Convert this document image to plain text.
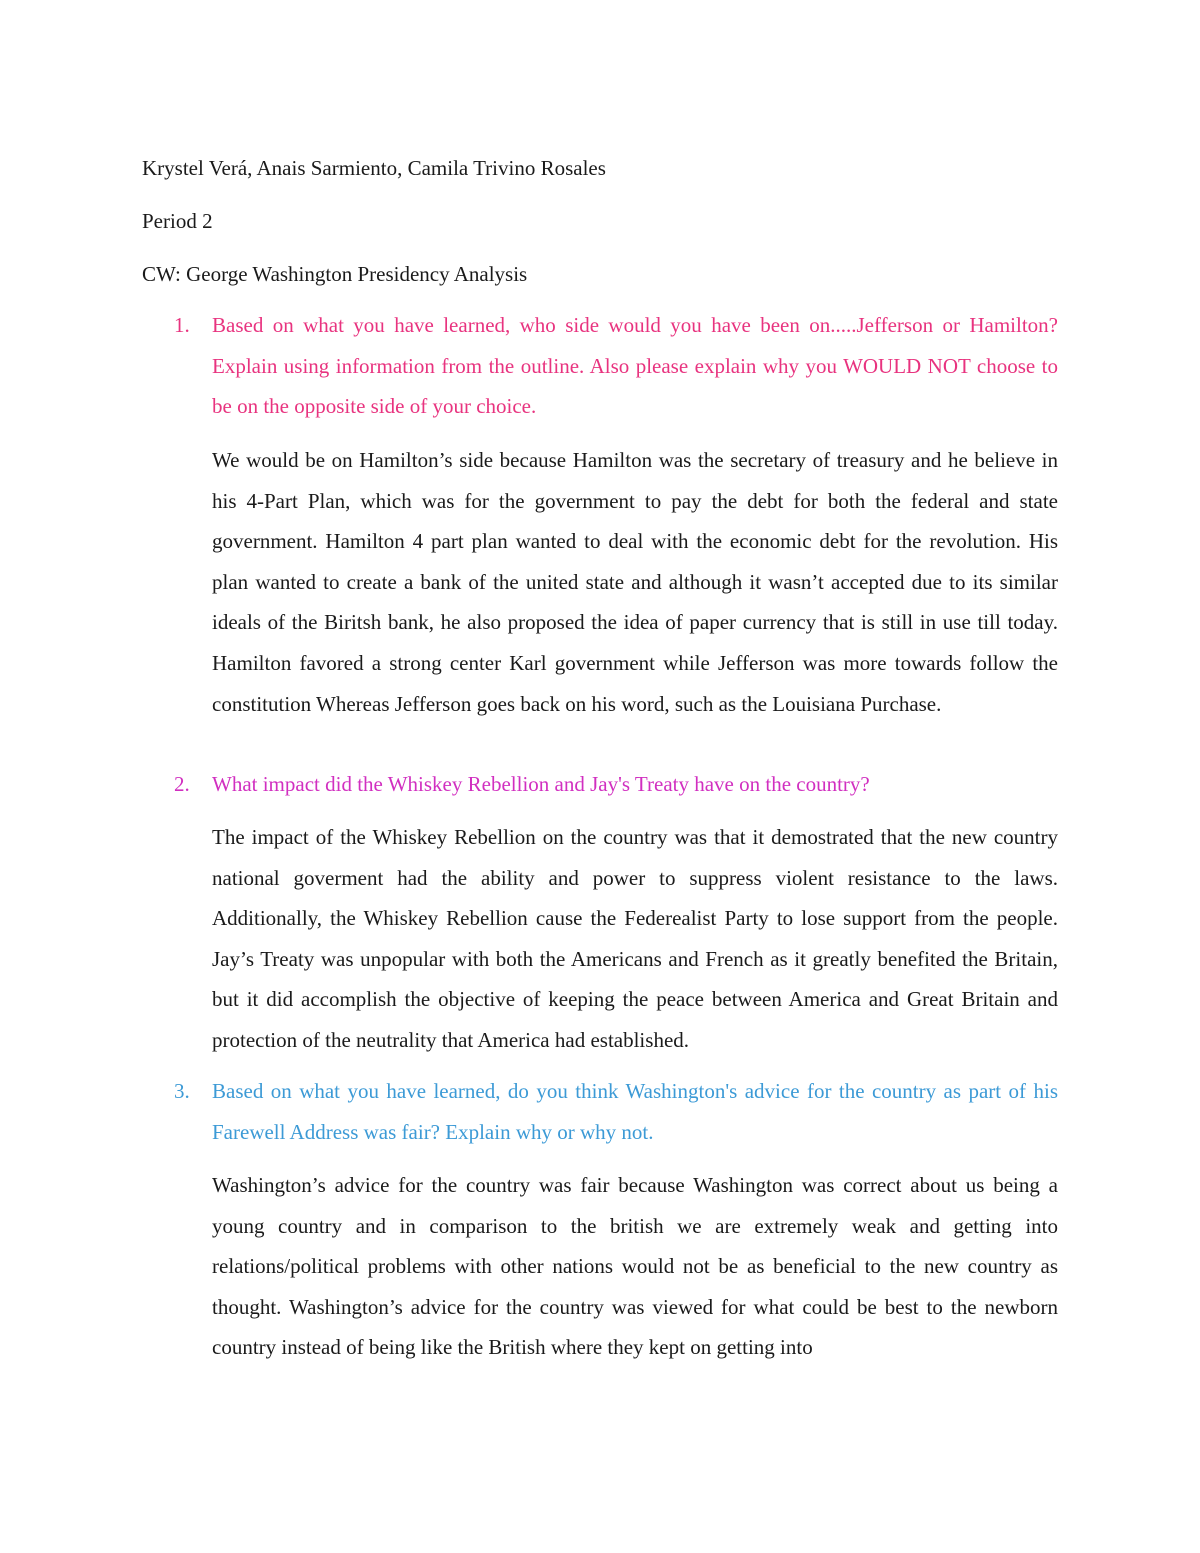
Krystel Verá, Anais Sarmiento, Camila Trivino Rosales
Period 2
CW: George Washington Presidency Analysis
1. Based on what you have learned, who side would you have been on.....Jefferson or Hamilton? Explain using information from the outline. Also please explain why you WOULD NOT choose to be on the opposite side of your choice.
We would be on Hamilton’s side because Hamilton was the secretary of treasury and he believe in his 4-Part Plan, which was for the government to pay the debt for both the federal and state government. Hamilton 4 part plan wanted to deal with the economic debt for the revolution. His plan wanted to create a bank of the united state and although it wasn’t accepted due to its similar ideals of the Biritsh bank, he also proposed the idea of paper currency that is still in use till today. Hamilton favored a strong center Karl government while Jefferson was more towards follow the constitution Whereas Jefferson goes back on his word, such as the Louisiana Purchase.
2. What impact did the Whiskey Rebellion and Jay's Treaty have on the country?
The impact of the Whiskey Rebellion on the country was that it demostrated that the new country national goverment had the ability and power to suppress violent resistance to the laws. Additionally, the Whiskey Rebellion cause the Federealist Party to lose support from the people. Jay’s Treaty was unpopular with both the Americans and French as it greatly benefited the Britain, but it did accomplish the objective of keeping the peace between America and Great Britain and protection of the neutrality that America had established.
3. Based on what you have learned, do you think Washington's advice for the country as part of his Farewell Address was fair? Explain why or why not.
Washington’s advice for the country was fair because Washington was correct about us being a young country and in comparison to the british we are extremely weak and getting into relations/political problems with other nations would not be as beneficial to the new country as thought. Washington’s advice for the country was viewed for what could be best to the newborn country instead of being like the British where they kept on getting into
